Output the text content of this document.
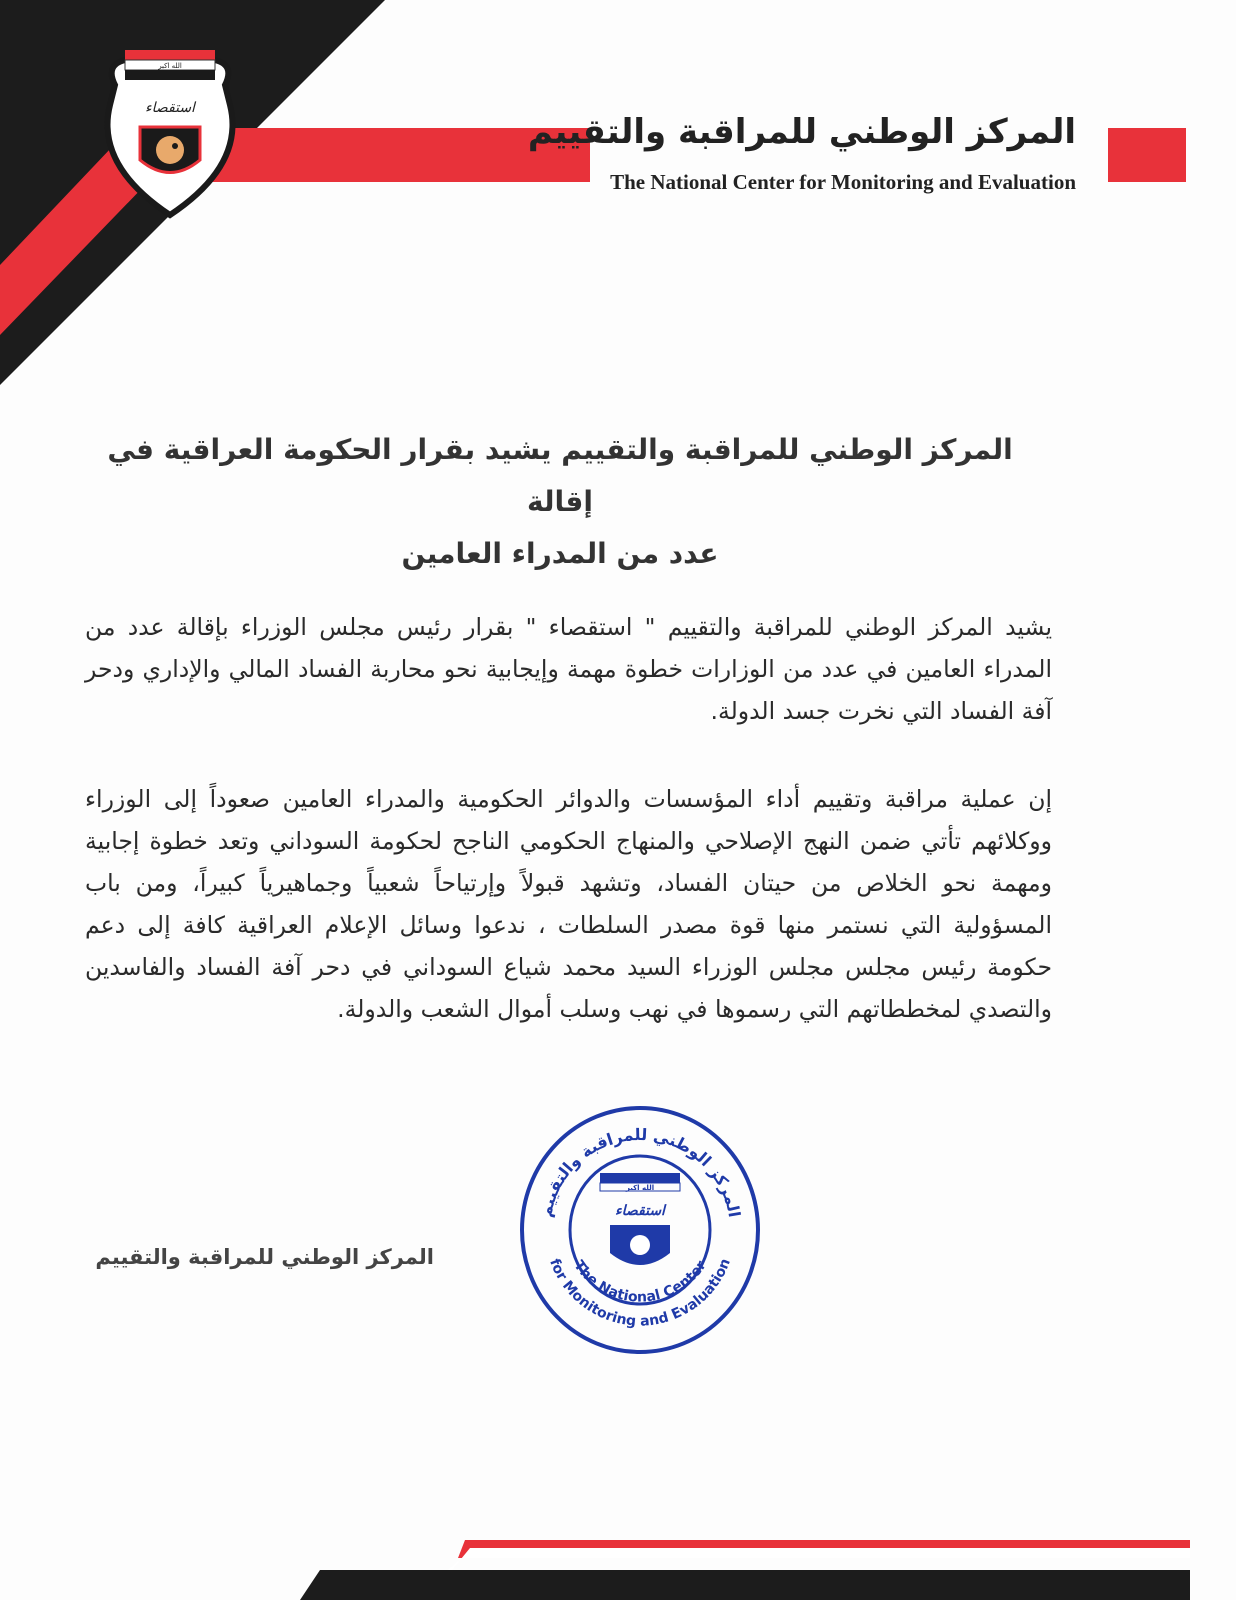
الله اكبر
استقصاء
المركز الوطني للمراقبة والتقييم
The National Center for Monitoring and Evaluation
المركز الوطني للمراقبة والتقييم يشيد بقرار الحكومة العراقية في إقالة
عدد من المدراء العامين
يشيد المركز الوطني للمراقبة والتقييم " استقصاء " بقرار رئيس مجلس الوزراء بإقالة عدد من المدراء العامين في عدد من الوزارات خطوة مهمة وإيجابية نحو محاربة الفساد المالي والإداري ودحر آفة الفساد التي نخرت جسد الدولة.
إن عملية مراقبة وتقييم أداء المؤسسات والدوائر الحكومية والمدراء العامين صعوداً إلى الوزراء ووكلائهم تأتي ضمن النهج الإصلاحي والمنهاج الحكومي الناجح لحكومة السوداني وتعد خطوة إجابية ومهمة نحو الخلاص من حيتان الفساد، وتشهد قبولاً وإرتياحاً شعبياً وجماهيرياً كبيراً، ومن باب المسؤولية التي نستمر منها قوة مصدر السلطات ، ندعوا وسائل الإعلام العراقية كافة إلى دعم حكومة رئيس مجلس مجلس الوزراء السيد محمد شياع السوداني في دحر آفة الفساد والفاسدين والتصدي لمخططاتهم التي رسموها في نهب وسلب أموال الشعب والدولة.
المركز الوطني للمراقبة والتقييم
المركز الوطني للمراقبة والتقييم
The National Center
for Monitoring and Evaluation
الله اكبر
استقصاء
